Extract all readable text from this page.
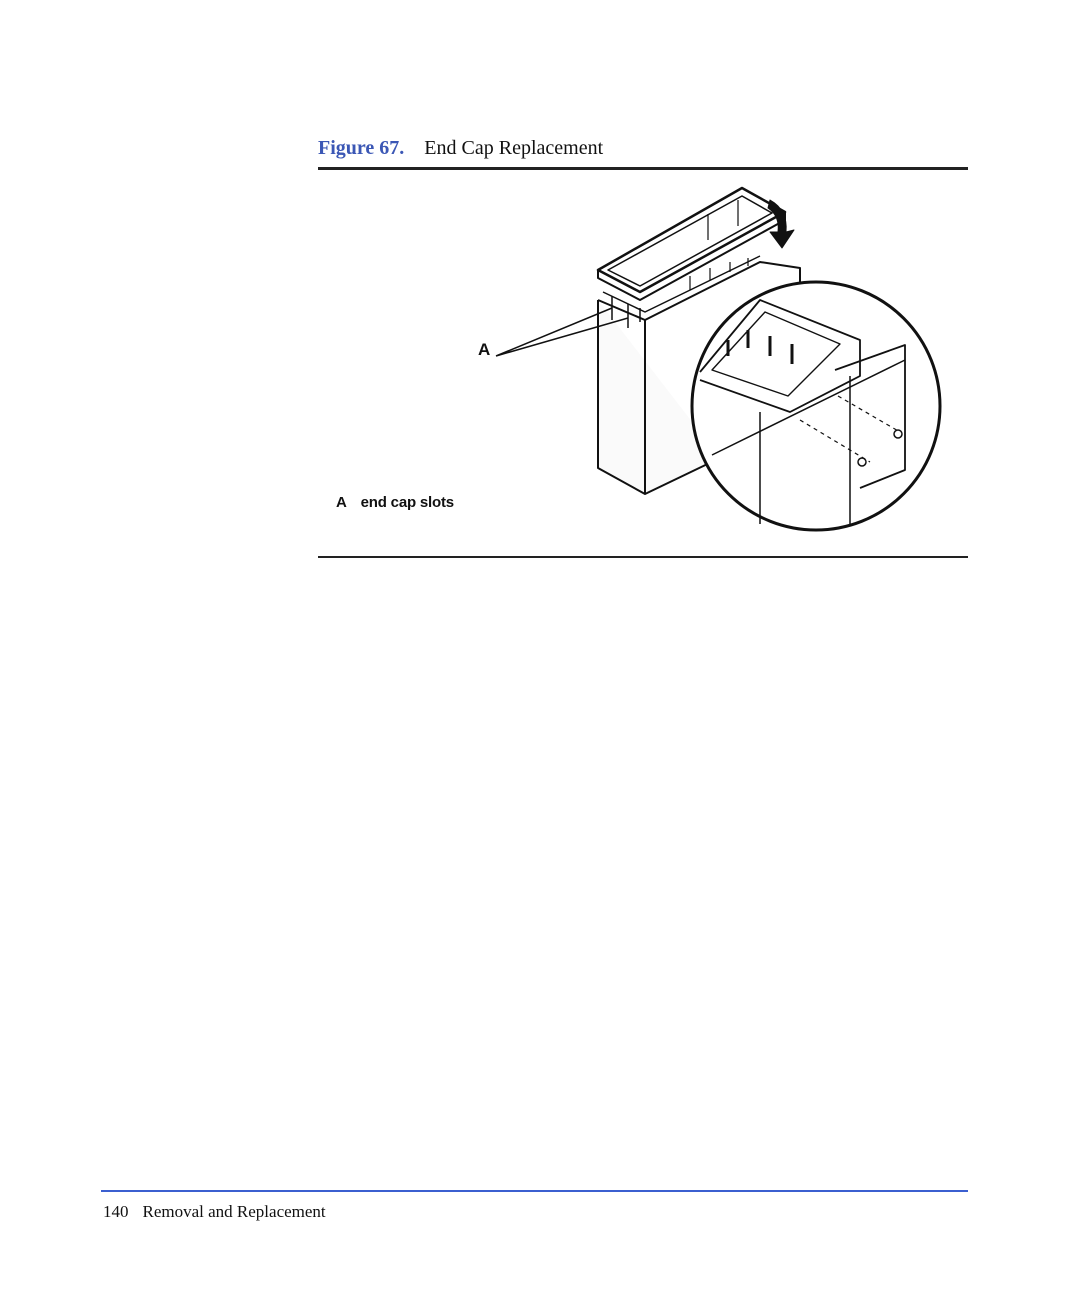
Figure 67. End Cap Replacement
A
A end cap slots
140 Removal and Replacement
